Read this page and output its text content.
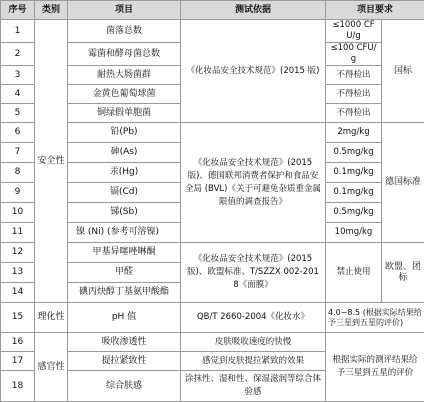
序号	类别	项目	测试依据	项目要求	
1	安全性	菌落总数	《化妆品安全技术规范》(2015 版)	≤1000 CFU/g	国标
2		霉菌和酵母菌总数		≤100 CFU/g	
3		耐热大肠菌群		不得检出	
4		金黄色葡萄球菌		不得检出	
5		铜绿假单胞菌		不得检出	
6		铅(Pb)	《化妆品安全技术规范》(2015 版)、德国联邦消费者保护和食品安全局 (BVL)《关于可避免杂质重金属限值的调查报告》	2mg/kg	德国标准
7		砷(As)		0.5mg/kg	
8		汞(Hg)		0.1mg/kg	
9		镉(Cd)		0.1mg/kg	
10		锑(Sb)		0.5mg/kg	
11		镍 (Ni) (参考可溶镍)		10mg/kg	
12		甲基异噻唑啉酮	《化妆品安全技术规范》(2015版)、欧盟标准、T/SZZX 002-2018《面膜》	禁止使用	欧盟、团标
13		甲醛			
14		碘丙炔醇丁基氨甲酸酯			
15	理化性	pH 值	QB/T 2660-2004《化妆水》	4.0~8.5 (根据实际结果给予三星到五星的评价)	
16	感官性	吸收渗透性	皮肤吸收速度的快慢	根据实际的测评结果给予三星到五星的评价	
17		提拉紧致性	感觉到皮肤提拉紧致的效果		
18		综合肤感	涂抹性、湿和性、保湿滋润等综合体验感		
